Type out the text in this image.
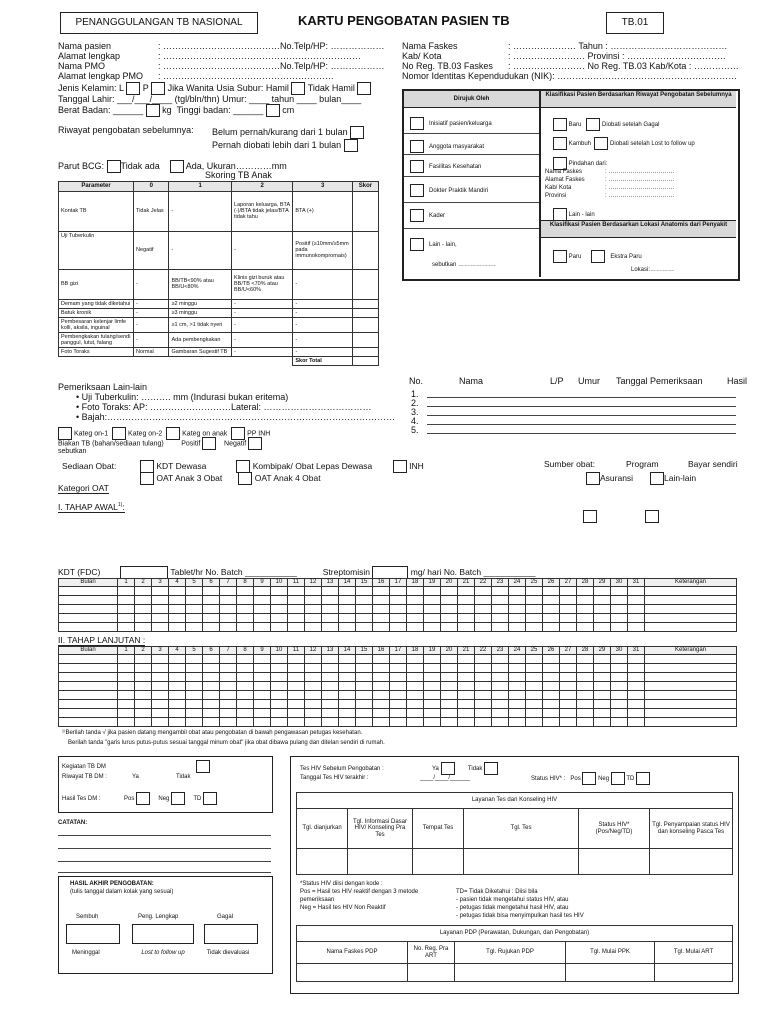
PENANGGULANGAN TB NASIONAL	KARTU PENGOBATAN PASIEN TB	TB.01
Nama pasien	: …………………………………No.Telp/HP: ………………
Alamat lengkap	: …………………………………………………………
Nama PMO	: …………………………………No.Telp/HP: ………………
Alamat lengkap PMO : …………………………………………………
Jenis Kelamin: L P Jika Wanita Usia Subur: Hamil Tidak Hamil
Tanggal Lahir: ___/___/____ (tgl/bln/thn) Umur: ____ tahun ____ bulan____
Berat Badan: ______ kg Tinggi badan: ______ cm
Riwayat pengobatan sebelumnya: Belum pernah/kurang dari 1 bulan
Pernah diobati lebih dari 1 bulan
Parut BCG: Tidak ada	Ada, Ukuran…………mm
Nama Faskes	: ………………… Tahun : …………………………………
Kab/ Kota	: …………………… Provinsi : ……………………………
No Reg. TB.03 Faskes : …………………… No Reg. TB.03 Kab/Kota : ……………
Nomor Identitas Kependudukan (NIK): ……………………………………………………
Dirujuk Oleh
Klasifikasi Pasien Berdasarkan Riwayat Pengobatan Sebelumnya
Inisiatif pasien/keluarga
Anggota masyarakat
Fasilitas Kesehatan
Dokter Praktik Mandiri
Kader
Lain - lain,
sebutkan ……………….
Baru	Diobati setelah Gagal
Kambuh	Diobati setelah Lost to follow up
Pindahan dari:
Nama Faskes	: ……………………………
Alamat Faskes	: ……………………………
Kab/ Kota	: ……………………………
Provinsi	: ……………………………
Lain - lain
Klasifikasi Pasien Berdasarkan Lokasi Anatomis dari Penyakit
Paru	Ekstra Paru
Lokasi:…………
Skoring TB Anak
Parameter	0	1	2	3	Skor
Kontak TB	Tidak Jelas	-	Laporan keluarga, BTA (-)/BTA tidak jelas/BTA tidak tahu	BTA (+)	
Uji Tuberkulin	Negatif	-	-	Positif (≥10mm/≥5mm pada immunokompromais)	
BB gizi	-	BB/TB<90% atau BB/U<80%	Klinis gizi buruk atau BB/TB <70% atau BB/U<60%	-	
Demam yang tidak diketahui	-	≥2 minggu	-	-	
Batuk kronik	-	≥3 minggu	-	-	
Pembesaran kelenjar limfe kolli, aksila, inguinal	-	≥1 cm, >1 tidak nyeri	-	-	
Pembengkakan tulang/sendi panggul, lutut, falang	-	Ada pembengkakan	-	-	
Foto Toraks	Normal	Gambaran Sugestif TB	-	-	
				Skor Total	
Pemeriksaan Lain-lain
• Uji Tuberkulin: ………. mm (Indurasi bukan eritema)
• Foto Toraks: AP: ………………………Lateral: ………………………………
• Bajah:……………………………………………………………………………………
Kateg on-1	Kateg on-2	Kateg on anak	PP INH
Biakan TB (bahan/sediaan tulang)	Positif	Negatif
sebutkan
No.	Nama	L/P Umur Tanggal Pemeriksaan	Hasil
1.
2.
3.
4.
5.
Sediaan Obat:	KDT Dewasa	Kombipak/ Obat Lepas Dewasa	INH
OAT Anak 3 Obat	OAT Anak 4 Obat
Sumber obat:	Program	Bayar sendiri
Asuransi	Lain-lain
Kategori OAT
I. TAHAP AWAL$^{1)}$:
KDT (FDC)	Tablet/hr No. Batch ___________	Streptomisin	mg/ hari No. Batch ___________
Bulan	1	2	3	4	5	6	7	8	9	10	11	12	13	14	15	16	17	18	19	20	21	22	23	24	25	26	27	28	29	30	31	Keterangan

II. TAHAP LANJUTAN :
Bulan	1	2	3	4	5	6	7	8	9	10	11	12	13	14	15	16	17	18	19	20	21	22	23	24	25	26	27	28	29	30	31	Keterangan

¹⁾Berilah tanda √ jika pasien datang mengambil obat atau pengobatan di bawah pengawasan petugas kesehatan.
Berilah tanda "garis lurus putus-putus sesuai tanggal minum obat" jika obat dibawa pulang dan ditelan sendiri di rumah.
Kegiatan TB DM
Riwayat TB DM :	Ya	Tidak
Hasil Tes DM :	Pos	Neg	TD
CATATAN:
HASIL AKHIR PENGOBATAN:
(tulis tanggal dalam kolak yang sesuai)
Sembuh	Peng. Lengkap	Gagal
Meninggal	Lost to follow up	Tidak dievaluasi
Tes HIV Sebelum Pengobatan :	Ya	Tidak
Tanggal Tes HIV terakhir :	____/____/______	Status HIV* : Pos	Neg	TD
Layanan Tes dan Konseling HIV					
Tgl. dianjurkan	Tgl. Informasi Dasar HIV/ Konseling Pra Tes	Tempat Tes	Tgl. Tes	Status HIV* (Pos/Neg/TD)	Tgl. Penyampaian status HIV dan konseling Pasca Tes

*Status HIV diisi dengan kode :
Pos = Hasil tes HIV reaktif dengan 3 metode pemeriksaan
Neg = Hasil tes HIV Non Reaktif
TD= Tidak Diketahui : Diisi bila
- pasien tidak mengetahui status HIV, atau
- petugas tidak mengetahui hasil HIV, atau
- petugas tidak bisa menyimpulkan hasil tes HIV
Layanan PDP (Perawatan, Dukungan, dan Pengobatan)				
Nama Faskes PDP	No. Reg. Pra ART	Tgl. Rujukan PDP	Tgl. Mulai PPK	Tgl. Mulai ART
